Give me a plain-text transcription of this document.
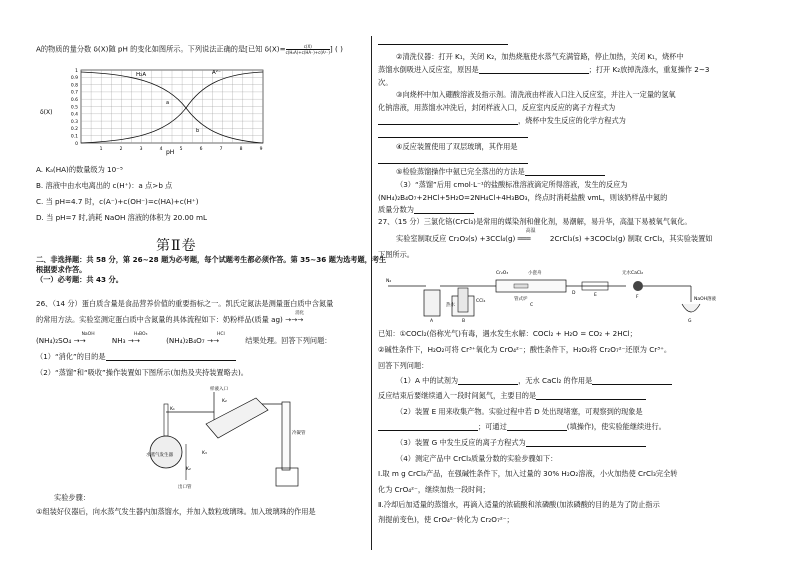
A的物质的量分数 δ(X)随 pH 的变化如图所示。下列说法正确的是[已知 $\delta(X)= \frac{c(X)}{\text{c(H₂A)+c(HA⁻)+c(A²⁻)}}$ ] ( )
δ(X)
0
0.1
0.2
0.3
0.4
0.5
0.6
0.7
0.8
0.9
1
1	2	3	4	5	6	7	8	9
H₂A	A²⁻
a
b
pH
A. Kₐ(HA)的数量级为 10⁻⁵
B. 溶液中由水电离出的 c(H⁺)：a 点>b 点
C. 当 pH=4.7 时，c(A⁻)+c(OH⁻)=c(HA)+c(H⁺)
D. 当 pH=7 时,消耗 NaOH 溶液的体积为 20.00 mL
第Ⅱ卷
二、非选择题：共 58 分，第 26~28 题为必考题，每个试题考生都必须作答。第 35~36 题为选考题，考生
根据要求作答。
（一）必考题：共 43 分。
26、（14 分）蛋白质含量是食品营养价值的重要指标之一。凯氏定氮法是测量蛋白质中含氮量
的常用方法。实验室测定蛋白质中含氮量的具体流程如下：奶粉样品(质量 ag)
消化
→→→
(NH₄)₂SO₄
NaOH
→→	NH₃
H₃BO₃
→→	(NH₄)₂B₄O₇
HCl
→→	结果处理。回答下列问题：
（1）“消化”的目的是
（2）“蒸馏”和“吸收”操作装置如下图所示(加热及夹持装置略去)。
K₁
样液入口
K₂
K₃
水蒸气发生器
冷凝管
出口管
K₂
实验步骤：
①组装好仪器后，向水蒸气发生器内加蒸馏水，并加入数粒玻璃珠。加入玻璃珠的作用是
②清洗仪器：打开 K₁，关闭 K₂，加热烧瓶使水蒸气充满管路，停止加热，关闭 K₁，烧杯中
蒸馏水倒吸进入反应室，原因是	；打开 K₂放掉洗涤水，重复操作 2~3
次。
③向烧杯中加入硼酸溶液及指示剂。清洗液由样液入口注入反应室，并注入一定量的氢氧
化钠溶液，用蒸馏水冲洗后，封闭样液入口，反应室内反应的离子方程式为
，烧杯中发生反应的化学方程式为
④反应装置使用了双层玻璃，其作用是
⑤检验蒸馏操作中氨已完全蒸出的方法是
（3）“蒸馏”后用 cmol·L⁻¹的盐酸标准溶液滴定所得溶液，发生的反应为
(NH₄)₂B₄O₇+2HCl+5H₂O=2NH₄Cl+4H₃BO₃，终点时消耗盐酸 vmL，则该奶样品中氮的
质量分数为
27、（15 分）三氯化铬(CrCl₃)是常用的媒染剂和催化剂，易潮解，易升华，高温下易被氧气氧化。
实验室制取反应 Cr₂O₃(s) +3CCl₄(g)
高温
═══	2CrCl₃(s) +3COCl₂(g) 制取 CrCl₃，其实验装置如
下图所示。
N₂
Cr₂O₃	小瓷舟	无水CaCl₂
NaOH溶液
CCl₄
热水
管式炉
A	B
C
D	E	F
G
已知：①COCl₂(俗称光气)有毒，遇水发生水解：COCl₂ + H₂O = CO₂ + 2HCl；
②碱性条件下，H₂O₂可将 Cr³⁺氧化为 CrO₄²⁻；酸性条件下，H₂O₂将 Cr₂O₇²⁻还原为 Cr³⁺。
回答下列问题：
（1）A 中的试剂为	，无水 CaCl₂ 的作用是
反应结束后要继续通入一段时间氮气，主要目的是
（2）装置 E 用来收集产物。实验过程中若 D 处出现堵塞，可观察到的现象是
；可通过	(填操作)，使实验能继续进行。
（3）装置 G 中发生反应的离子方程式为
（4）测定产品中 CrCl₃质量分数的实验步骤如下：
Ⅰ.取 m g CrCl₃产品，在强碱性条件下，加入过量的 30% H₂O₂溶液，小火加热使 CrCl₃完全转
化为 CrO₄²⁻，继续加热一段时间；
Ⅱ.冷却后加适量的蒸馏水，再滴入适量的浓硫酸和浓磷酸(加浓磷酸的目的是为了防止指示
剂提前变色)，使 CrO₄²⁻转化为 Cr₂O₇²⁻；
